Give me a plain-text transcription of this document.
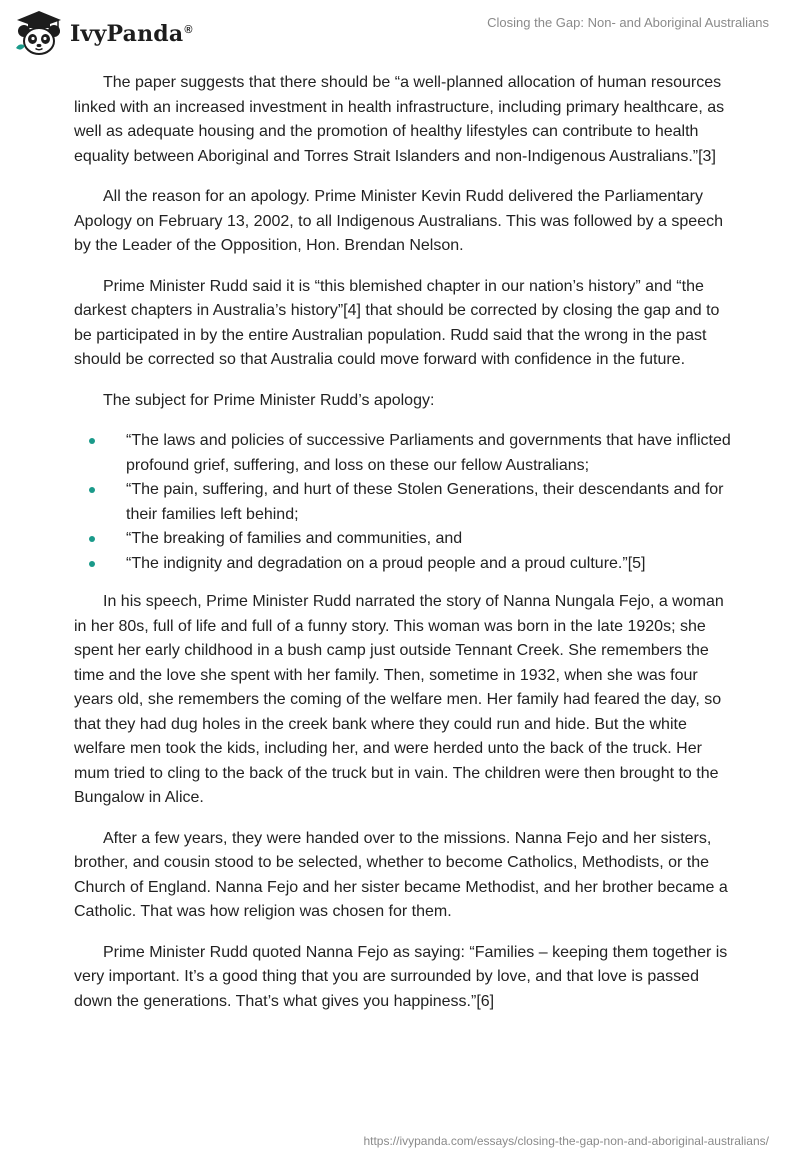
IvyPanda®	Closing the Gap: Non- and Aboriginal Australians

The paper suggests that there should be “a well-planned allocation of human resources linked with an increased investment in health infrastructure, including primary healthcare, as well as adequate housing and the promotion of healthy lifestyles can contribute to health equality between Aboriginal and Torres Strait Islanders and non-Indigenous Australians.”[3]

All the reason for an apology. Prime Minister Kevin Rudd delivered the Parliamentary Apology on February 13, 2002, to all Indigenous Australians. This was followed by a speech by the Leader of the Opposition, Hon. Brendan Nelson.

Prime Minister Rudd said it is “this blemished chapter in our nation’s history” and “the darkest chapters in Australia’s history”[4] that should be corrected by closing the gap and to be participated in by the entire Australian population. Rudd said that the wrong in the past should be corrected so that Australia could move forward with confidence in the future.

The subject for Prime Minister Rudd’s apology:

“The laws and policies of successive Parliaments and governments that have inflicted profound grief, suffering, and loss on these our fellow Australians;
“The pain, suffering, and hurt of these Stolen Generations, their descendants and for their families left behind;
“The breaking of families and communities, and
“The indignity and degradation on a proud people and a proud culture.”[5]

In his speech, Prime Minister Rudd narrated the story of Nanna Nungala Fejo, a woman in her 80s, full of life and full of a funny story. This woman was born in the late 1920s; she spent her early childhood in a bush camp just outside Tennant Creek. She remembers the time and the love she spent with her family. Then, sometime in 1932, when she was four years old, she remembers the coming of the welfare men. Her family had feared the day, so that they had dug holes in the creek bank where they could run and hide. But the white welfare men took the kids, including her, and were herded unto the back of the truck. Her mum tried to cling to the back of the truck but in vain. The children were then brought to the Bungalow in Alice.

After a few years, they were handed over to the missions. Nanna Fejo and her sisters, brother, and cousin stood to be selected, whether to become Catholics, Methodists, or the Church of England. Nanna Fejo and her sister became Methodist, and her brother became a Catholic. That was how religion was chosen for them.

Prime Minister Rudd quoted Nanna Fejo as saying: “Families – keeping them together is very important. It’s a good thing that you are surrounded by love, and that love is passed down the generations. That’s what gives you happiness.”[6]

https://ivypanda.com/essays/closing-the-gap-non-and-aboriginal-australians/
